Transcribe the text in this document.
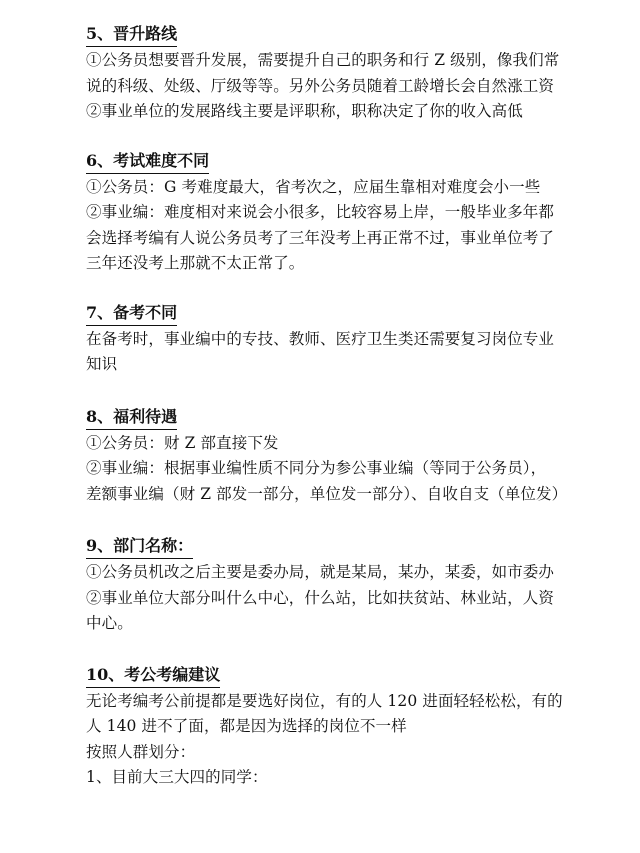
5、晋升路线
①公务员想要晋升发展，需要提升自己的职务和行 Z 级别，像我们常
说的科级、处级、厅级等等。另外公务员随着工龄增长会自然涨工资
②事业单位的发展路线主要是评职称，职称决定了你的收入高低
6、考试难度不同
①公务员：G 考难度最大，省考次之，应届生靠相对难度会小一些
②事业编：难度相对来说会小很多，比较容易上岸，一般毕业多年都
会选择考编有人说公务员考了三年没考上再正常不过，事业单位考了
三年还没考上那就不太正常了。
7、备考不同
在备考时，事业编中的专技、教师、医疗卫生类还需要复习岗位专业
知识
8、福利待遇
①公务员：财 Z 部直接下发
②事业编：根据事业编性质不同分为参公事业编（等同于公务员），
差额事业编（财 Z 部发一部分，单位发一部分）、自收自支（单位发）
9、部门名称：
①公务员机改之后主要是委办局，就是某局，某办，某委，如市委办
②事业单位大部分叫什么中心，什么站，比如扶贫站、林业站，人资
中心。
10、考公考编建议
无论考编考公前提都是要选好岗位，有的人 120 进面轻轻松松，有的
人 140 进不了面，都是因为选择的岗位不一样
按照人群划分：
1、目前大三大四的同学：
